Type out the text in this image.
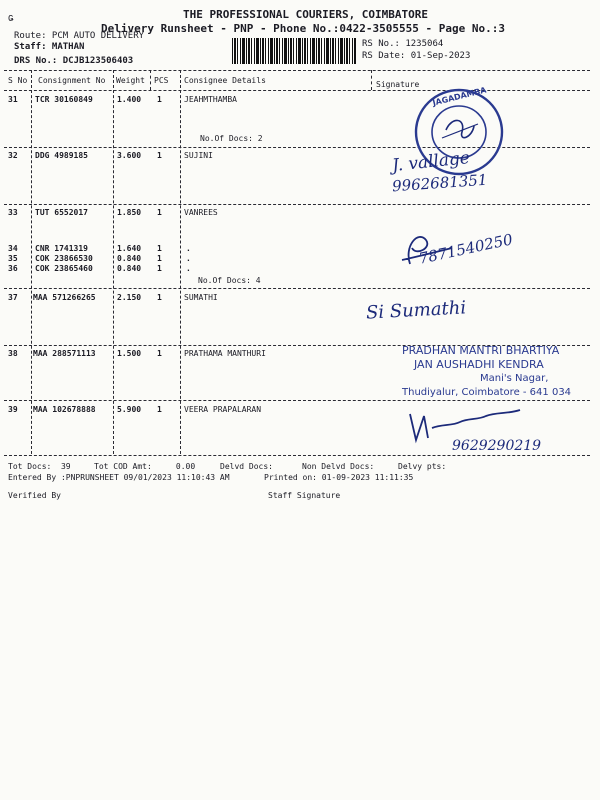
Ǥ	THE PROFESSIONAL COURIERS, COIMBATORE
Delivery Runsheet - PNP - Phone No.:0422-3505555 - Page No.:3
Route: PCM AUTO DELIVERY
Staff: MATHAN
DRS No.: DCJB123506403
RS No.: 1235064
RS Date: 01-Sep-2023
S No Consignment No Weight PCS Consignee Details	Signature
31 TCR 30160849	1.400 1	JEAHMTHAMBA
No.Of Docs: 2
32 DDG 4989185	3.600 1	SUJINI
33 TUT 6552017	1.850 1	VANREES
34 CNR 1741319	1.640 1	.
35 COK 23866530	0.840 1	.
36 COK 23865460	0.840 1	.
No.Of Docs: 4
37 MAA 571266265	2.150 1	SUMATHI
38 MAA 288571113	1.500 1	PRATHAMA MANTHURI
39 MAA 102678888	5.900 1	VEERA PRAPALARAN
JAGADAMBA
J. vallage
9962681351
7871540250
Si Sumathi
PRADHAN MANTRI BHARTIYA
JAN AUSHADHI KENDRA
Mani's Nagar,
Thudiyalur, Coimbatore - 641 034
9629290219
Tot Docs:  39	Tot COD Amt:     0.00	Delvd Docs:	Non Delvd Docs:	Delvy pts:
Entered By :PNPRUNSHEET 09/01/2023 11:10:43 AM	Printed on: 01-09-2023 11:11:35
Verified By	Staff Signature
